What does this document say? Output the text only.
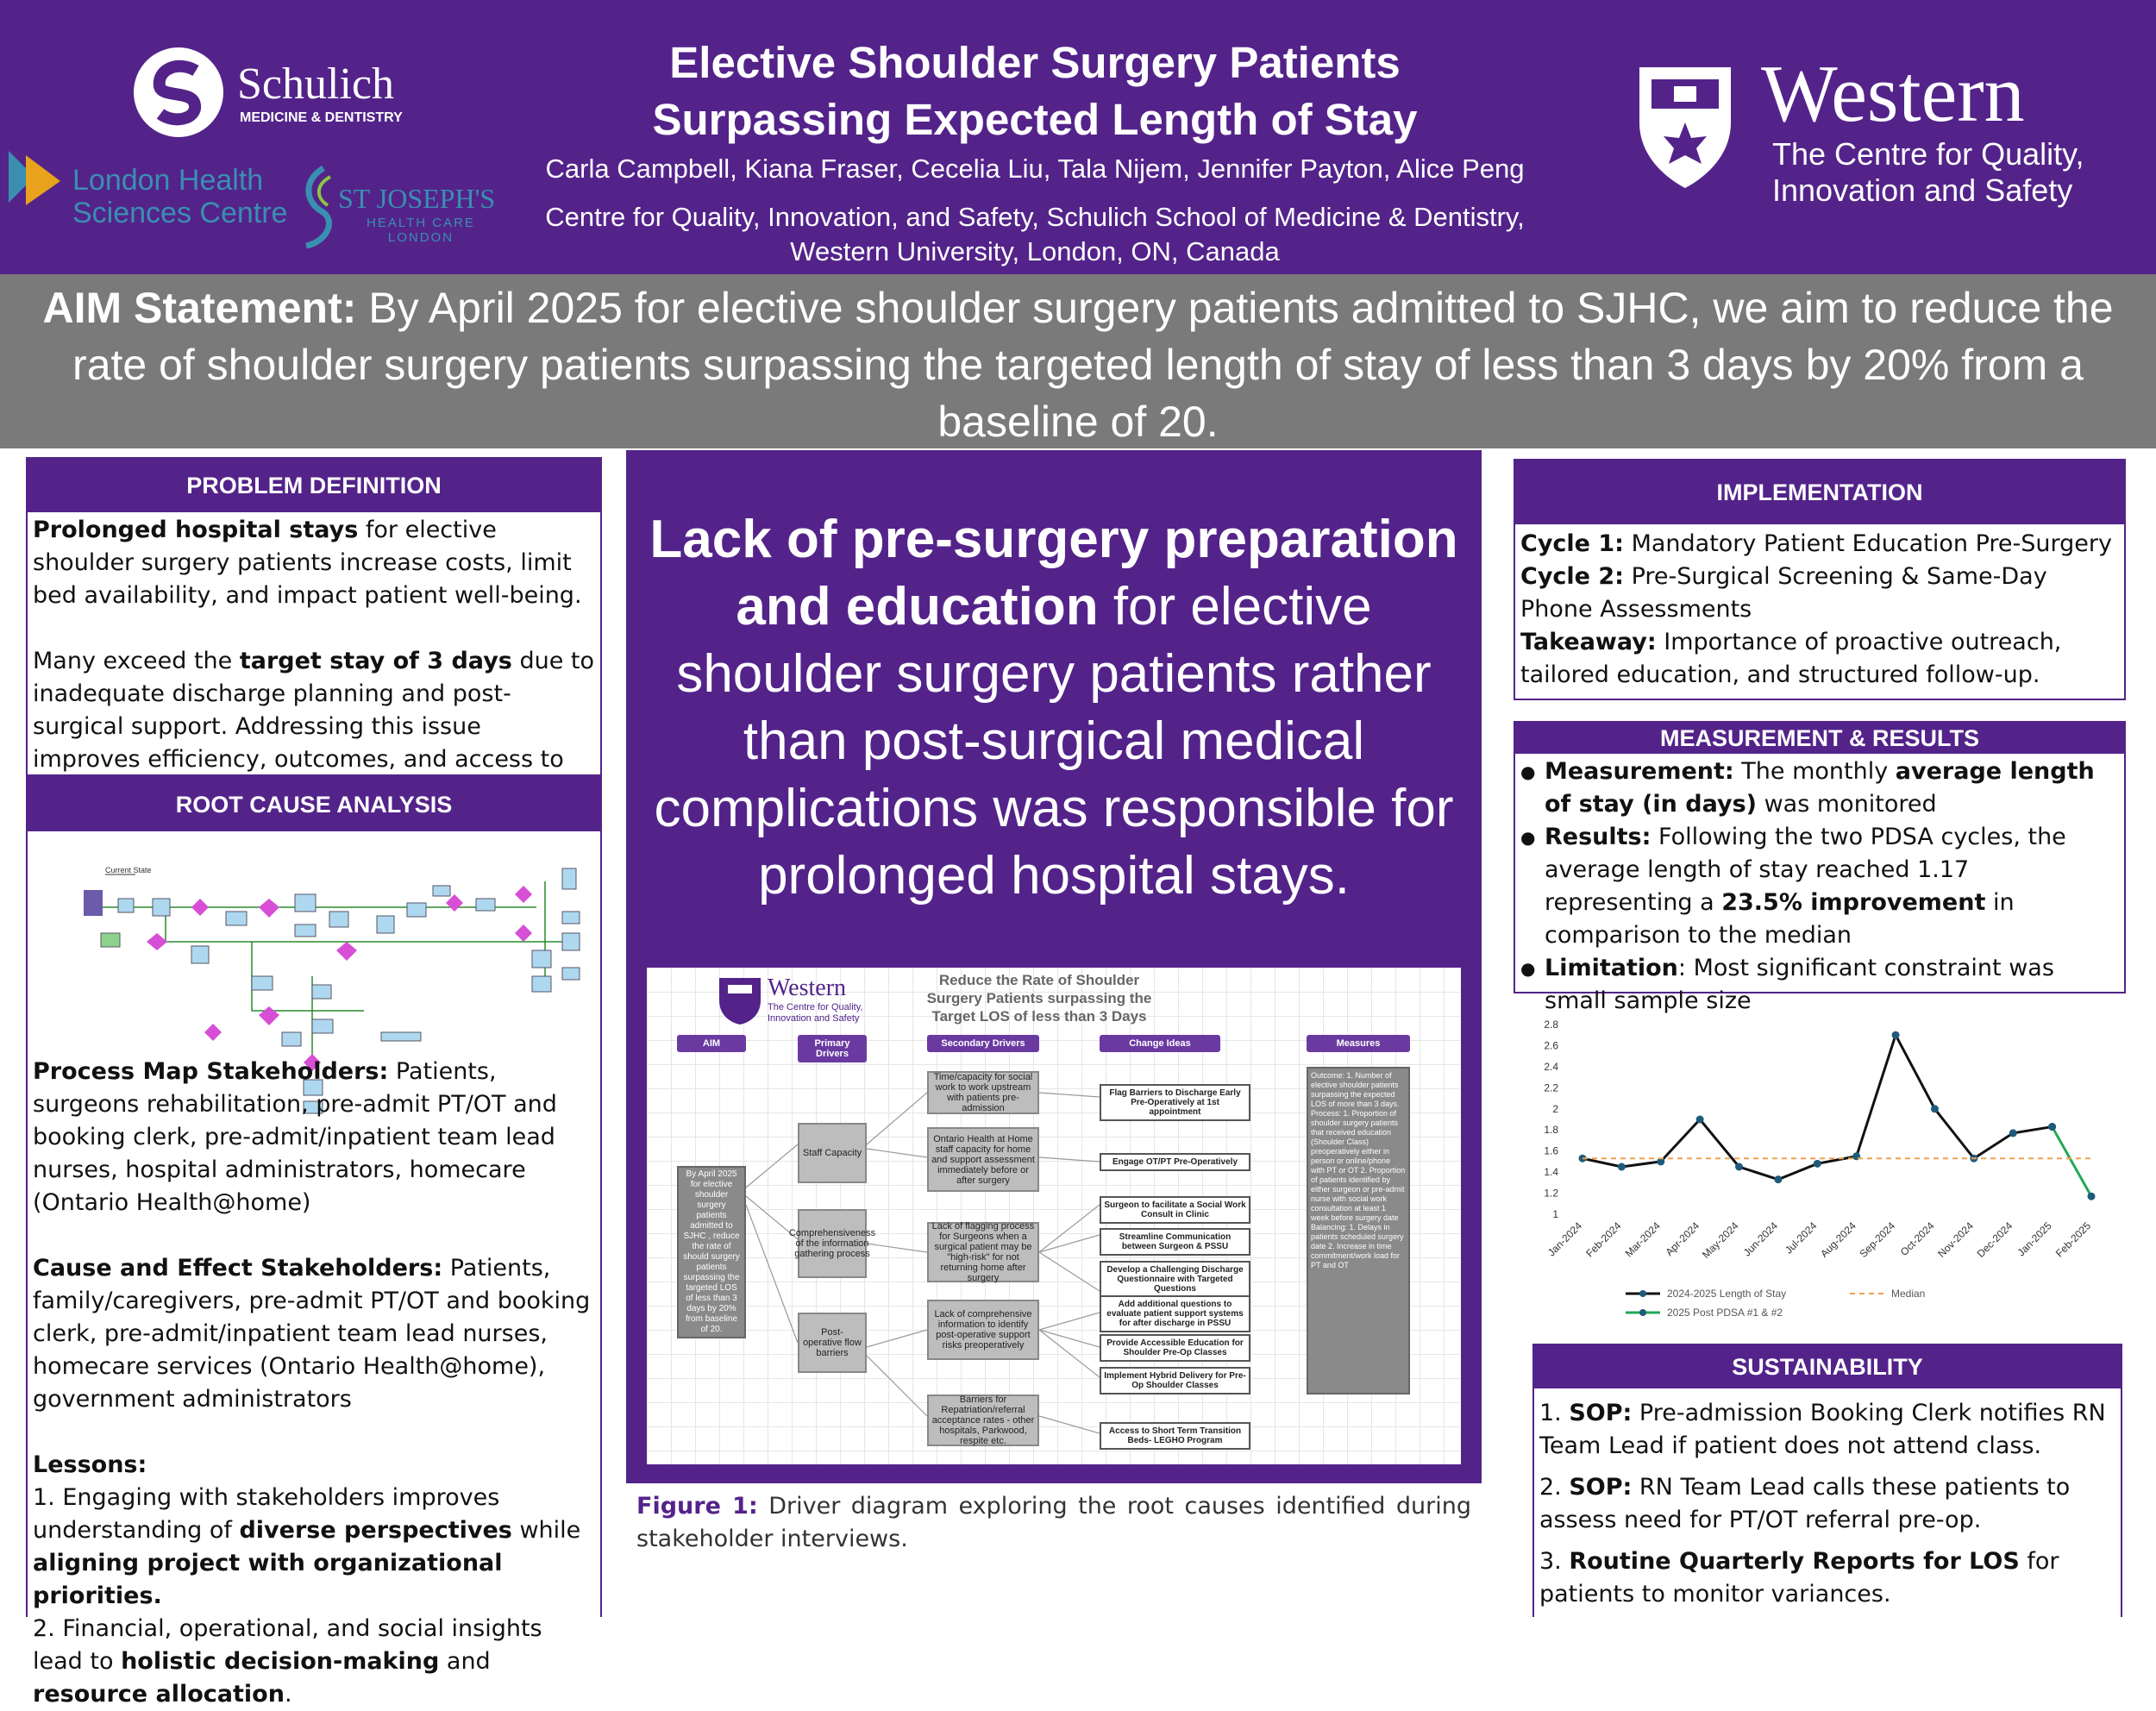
Schulich
MEDICINE & DENTISTRY
London Health
Sciences Centre ST JOSEPH'S
HEALTH CARE
LONDON
Elective Shoulder Surgery Patients
Surpassing Expected Length of Stay
Carla Campbell, Kiana Fraser, Cecelia Liu, Tala Nijem, Jennifer Payton, Alice Peng
Centre for Quality, Innovation, and Safety, Schulich School of Medicine & Dentistry,
Western University, London, ON, Canada
Western
The Centre for Quality,
Innovation and Safety
AIM Statement: By April 2025 for elective shoulder surgery patients admitted to SJHC, we aim to reduce the rate of shoulder surgery patients surpassing the targeted length of stay of less than 3 days by 20% from a baseline of 20.
PROBLEM DEFINITION
Prolonged hospital stays for elective shoulder surgery patients increase costs, limit bed availability, and impact patient well-being.
Many exceed the target stay of 3 days due to inadequate discharge planning and post-surgical support. Addressing this issue improves efficiency, outcomes, and access to
ROOT CAUSE ANALYSIS
Current State
Process Map Stakeholders: Patients, surgeons rehabilitation, pre-admit PT/OT and booking clerk, pre-admit/inpatient team lead nurses, hospital administrators, homecare (Ontario Health@home)
Cause and Effect Stakeholders: Patients, family/caregivers, pre-admit PT/OT and booking clerk, pre-admit/inpatient team lead nurses, homecare services (Ontario Health@home), government administrators
Lessons:
1. Engaging with stakeholders improves understanding of diverse perspectives while aligning project with organizational priorities.
2. Financial, operational, and social insights lead to holistic decision-making and resource allocation.
Lack of pre-surgery preparation and education for elective shoulder surgery patients rather than post-surgical medical complications was responsible for prolonged hospital stays.
Western
The Centre for Quality,
Innovation and Safety
Reduce the Rate of Shoulder Surgery Patients surpassing the Target LOS of less than 3 Days
AIM	Primary Drivers
Secondary Drivers	Change Ideas	Measures
By April 2025 for elective shoulder surgery patients admitted to SJHC , reduce the rate of should surgery patients surpassing the targeted LOS of less than 3 days by 20% from baseline of 20.
Staff Capacity
Comprehensiveness of the information gathering process
Post-operative flow barriers
Time/capacity for social work to work upstream with patients pre-admission
Ontario Health at Home staff capacity for home and support assessment immediately before or after surgery
Lack of flagging process for Surgeons when a surgical patient may be "high-risk" for not returning home after surgery
Lack of comprehensive information to identify post-operative support risks preoperatively
Barriers for Repatriation/referral acceptance rates - other hospitals, Parkwood, respite etc.
Flag Barriers to Discharge Early Pre-Operatively at 1st appointment
Engage OT/PT Pre-Operatively
Surgeon to facilitate a Social Work Consult in Clinic
Streamline Communication between Surgeon & PSSU
Develop a Challenging Discharge Questionnaire with Targeted Questions
Add additional questions to evaluate patient support systems for after discharge in PSSU
Provide Accessible Education for Shoulder Pre-Op Classes
Implement Hybrid Delivery for Pre-Op Shoulder Classes
Access to Short Term Transition Beds- LEGHO Program
Outcome: 1. Number of elective shoulder patients surpassing the expected LOS of more than 3 days. Process: 1. Proportion of shoulder surgery patients that received education (Shoulder Class) preoperatively either in person or online/phone with PT or OT 2. Proportion of patients identified by either surgeon or pre-admit nurse with social work consultation at least 1 week before surgery date Balancing: 1. Delays in patients scheduled surgery date 2. Increase in time commitment/work load for PT and OT
Figure 1: Driver diagram exploring the root causes identified during stakeholder interviews.
IMPLEMENTATION
Cycle 1: Mandatory Patient Education Pre-Surgery
Cycle 2: Pre-Surgical Screening & Same-Day Phone Assessments
Takeaway: Importance of proactive outreach, tailored education, and structured follow-up.
MEASUREMENT & RESULTS
● Measurement: The monthly average length of stay (in days) was monitored
● Results: Following the two PDSA cycles, the average length of stay reached 1.17 representing a 23.5% improvement in comparison to the median
● Limitation: Most significant constraint was small sample size
1
1.2
1.4
1.6
1.8
2
2.2
2.4
2.6
2.8
Jan-2024 Feb-2024 Mar-2024 Apr-2024
May-2024 Jun-2024 Jul-2024
Aug-2024
Sep-2024 Oct-2024
Nov-2024
Dec-2024 Jan-2025 Feb-2025
2024-2025 Length of Stay	Median
2025 Post PDSA #1 & #2
SUSTAINABILITY
1. SOP: Pre-admission Booking Clerk notifies RN Team Lead if patient does not attend class.
2. SOP: RN Team Lead calls these patients to assess need for PT/OT referral pre-op.
3. Routine Quarterly Reports for LOS for patients to monitor variances.
